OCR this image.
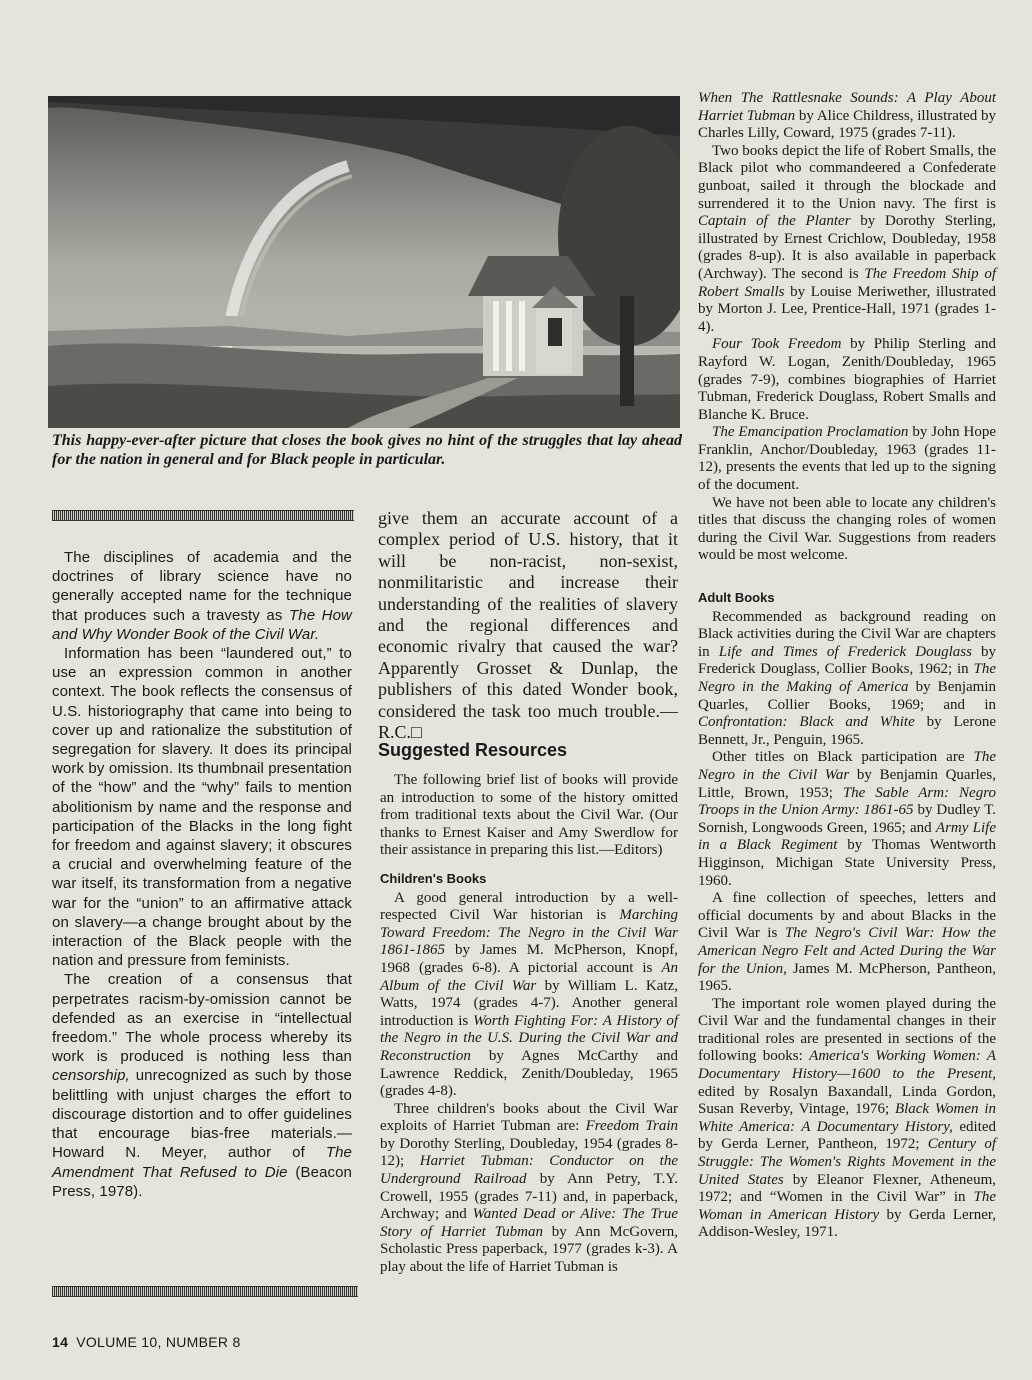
This happy-ever-after picture that closes the book gives no hint of the struggles that lay ahead for the nation in general and for Black people in particular.

The disciplines of academia and the doctrines of library science have no generally accepted name for the technique that produces such a travesty as The How and Why Wonder Book of the Civil War.

Information has been “laundered out,” to use an expression common in another context. The book reflects the consensus of U.S. historiography that came into being to cover up and rationalize the substitution of segregation for slavery. It does its principal work by omission. Its thumbnail presentation of the “how” and the “why” fails to mention abolitionism by name and the response and participation of the Blacks in the long fight for freedom and against slavery; it obscures a crucial and overwhelming feature of the war itself, its transformation from a negative war for the “union” to an affirmative attack on slavery—a change brought about by the interaction of the Black people with the nation and pressure from feminists.

The creation of a consensus that perpetrates racism-by-omission cannot be defended as an exercise in “intellectual freedom.” The whole process whereby its work is produced is nothing less than censorship, unrecognized as such by those belittling with unjust charges the effort to discourage distortion and to offer guidelines that encourage bias-free materials.—Howard N. Meyer, author of The Amendment That Refused to Die (Beacon Press, 1978).

give them an accurate account of a complex period of U.S. history, that it will be non-racist, non-sexist, nonmilitaristic and increase their understanding of the realities of slavery and the regional differences and economic rivalry that caused the war? Apparently Grosset & Dunlap, the publishers of this dated Wonder book, considered the task too much trouble.—R.C.□

Suggested Resources

The following brief list of books will provide an introduction to some of the history omitted from traditional texts about the Civil War. (Our thanks to Ernest Kaiser and Amy Swerdlow for their assistance in preparing this list.—Editors)

Children's Books

A good general introduction by a well-respected Civil War historian is Marching Toward Freedom: The Negro in the Civil War 1861-1865 by James M. McPherson, Knopf, 1968 (grades 6-8). A pictorial account is An Album of the Civil War by William L. Katz, Watts, 1974 (grades 4-7). Another general introduction is Worth Fighting For: A History of the Negro in the U.S. During the Civil War and Reconstruction by Agnes McCarthy and Lawrence Reddick, Zenith/Doubleday, 1965 (grades 4-8).

Three children's books about the Civil War exploits of Harriet Tubman are: Freedom Train by Dorothy Sterling, Doubleday, 1954 (grades 8-12); Harriet Tubman: Conductor on the Underground Railroad by Ann Petry, T.Y. Crowell, 1955 (grades 7-11) and, in paperback, Archway; and Wanted Dead or Alive: The True Story of Harriet Tubman by Ann McGovern, Scholastic Press paperback, 1977 (grades k-3). A play about the life of Harriet Tubman is

When The Rattlesnake Sounds: A Play About Harriet Tubman by Alice Childress, illustrated by Charles Lilly, Coward, 1975 (grades 7-11).

Two books depict the life of Robert Smalls, the Black pilot who commandeered a Confederate gunboat, sailed it through the blockade and surrendered it to the Union navy. The first is Captain of the Planter by Dorothy Sterling, illustrated by Ernest Crichlow, Doubleday, 1958 (grades 8-up). It is also available in paperback (Archway). The second is The Freedom Ship of Robert Smalls by Louise Meriwether, illustrated by Morton J. Lee, Prentice-Hall, 1971 (grades 1-4).

Four Took Freedom by Philip Sterling and Rayford W. Logan, Zenith/Doubleday, 1965 (grades 7-9), combines biographies of Harriet Tubman, Frederick Douglass, Robert Smalls and Blanche K. Bruce.

The Emancipation Proclamation by John Hope Franklin, Anchor/Doubleday, 1963 (grades 11-12), presents the events that led up to the signing of the document.

We have not been able to locate any children's titles that discuss the changing roles of women during the Civil War. Suggestions from readers would be most welcome.

Adult Books

Recommended as background reading on Black activities during the Civil War are chapters in Life and Times of Frederick Douglass by Frederick Douglass, Collier Books, 1962; in The Negro in the Making of America by Benjamin Quarles, Collier Books, 1969; and in Confrontation: Black and White by Lerone Bennett, Jr., Penguin, 1965.

Other titles on Black participation are The Negro in the Civil War by Benjamin Quarles, Little, Brown, 1953; The Sable Arm: Negro Troops in the Union Army: 1861-65 by Dudley T. Sornish, Longwoods Green, 1965; and Army Life in a Black Regiment by Thomas Wentworth Higginson, Michigan State University Press, 1960.

A fine collection of speeches, letters and official documents by and about Blacks in the Civil War is The Negro's Civil War: How the American Negro Felt and Acted During the War for the Union, James M. McPherson, Pantheon, 1965.

The important role women played during the Civil War and the fundamental changes in their traditional roles are presented in sections of the following books: America's Working Women: A Documentary History—1600 to the Present, edited by Rosalyn Baxandall, Linda Gordon, Susan Reverby, Vintage, 1976; Black Women in White America: A Documentary History, edited by Gerda Lerner, Pantheon, 1972; Century of Struggle: The Women's Rights Movement in the United States by Eleanor Flexner, Atheneum, 1972; and “Women in the Civil War” in The Woman in American History by Gerda Lerner, Addison-Wesley, 1971.

14 VOLUME 10, NUMBER 8
